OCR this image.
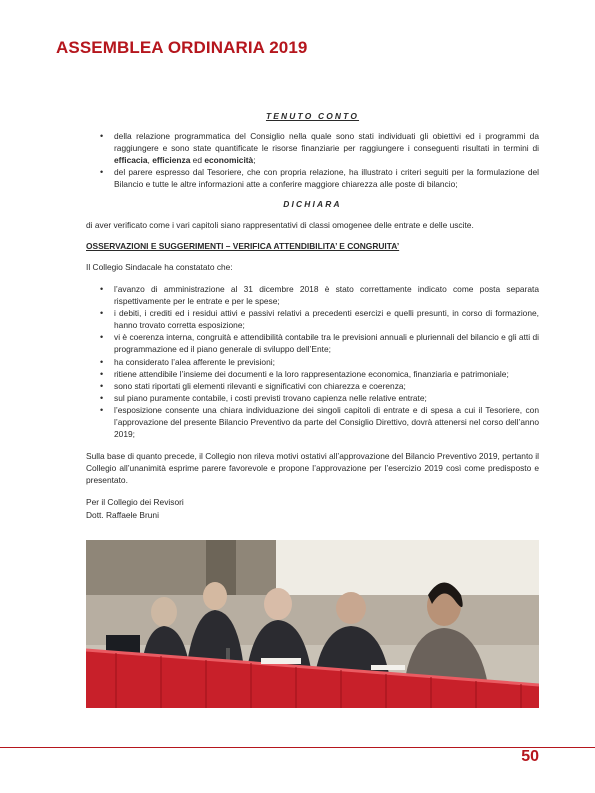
ASSEMBLEA ORDINARIA 2019
TENUTO CONTO
• della relazione programmatica del Consiglio nella quale sono stati individuati gli obiettivi ed i programmi da raggiungere e sono state quantificate le risorse finanziarie per raggiungere i conseguenti risultati in termini di efficacia, efficienza ed economicità;
• del parere espresso dal Tesoriere, che con propria relazione, ha illustrato i criteri seguiti per la formulazione del Bilancio e tutte le altre informazioni atte a conferire maggiore chiarezza alle poste di bilancio;
DICHIARA

di aver verificato come i vari capitoli siano rappresentativi di classi omogenee delle entrate e delle uscite.

OSSERVAZIONI E SUGGERIMENTI – VERIFICA ATTENDIBILITA’ E CONGRUITA’

Il Collegio Sindacale ha constatato che:

• l’avanzo di amministrazione al 31 dicembre 2018 è stato correttamente indicato come posta separata rispettivamente per le entrate e per le spese;
• i debiti, i crediti ed i residui attivi e passivi relativi a precedenti esercizi e quelli presunti, in corso di formazione, hanno trovato corretta esposizione;
• vi è coerenza interna, congruità e attendibilità contabile tra le previsioni annuali e pluriennali del bilancio e gli atti di programmazione ed il piano generale di sviluppo dell’Ente;
• ha considerato l’alea afferente le previsioni;
• ritiene attendibile l’insieme dei documenti e la loro rappresentazione economica, finanziaria e patrimoniale;
• sono stati riportati gli elementi rilevanti e significativi con chiarezza e coerenza;
• sul piano puramente contabile, i costi previsti trovano capienza nelle relative entrate;
• l’esposizione consente una chiara individuazione dei singoli capitoli di entrate e di spesa a cui il Tesoriere, con l’approvazione del presente Bilancio Preventivo da parte del Consiglio Direttivo, dovrà attenersi nel corso dell’anno 2019;

Sulla base di quanto precede, il Collegio non rileva motivi ostativi all’approvazione del Bilancio Preventivo 2019, pertanto il Collegio all’unanimità esprime parere favorevole e propone l’approvazione per l’esercizio 2019 così come predisposto e presentato.

Per il Collegio dei Revisori

Dott. Raffaele Bruni

50
